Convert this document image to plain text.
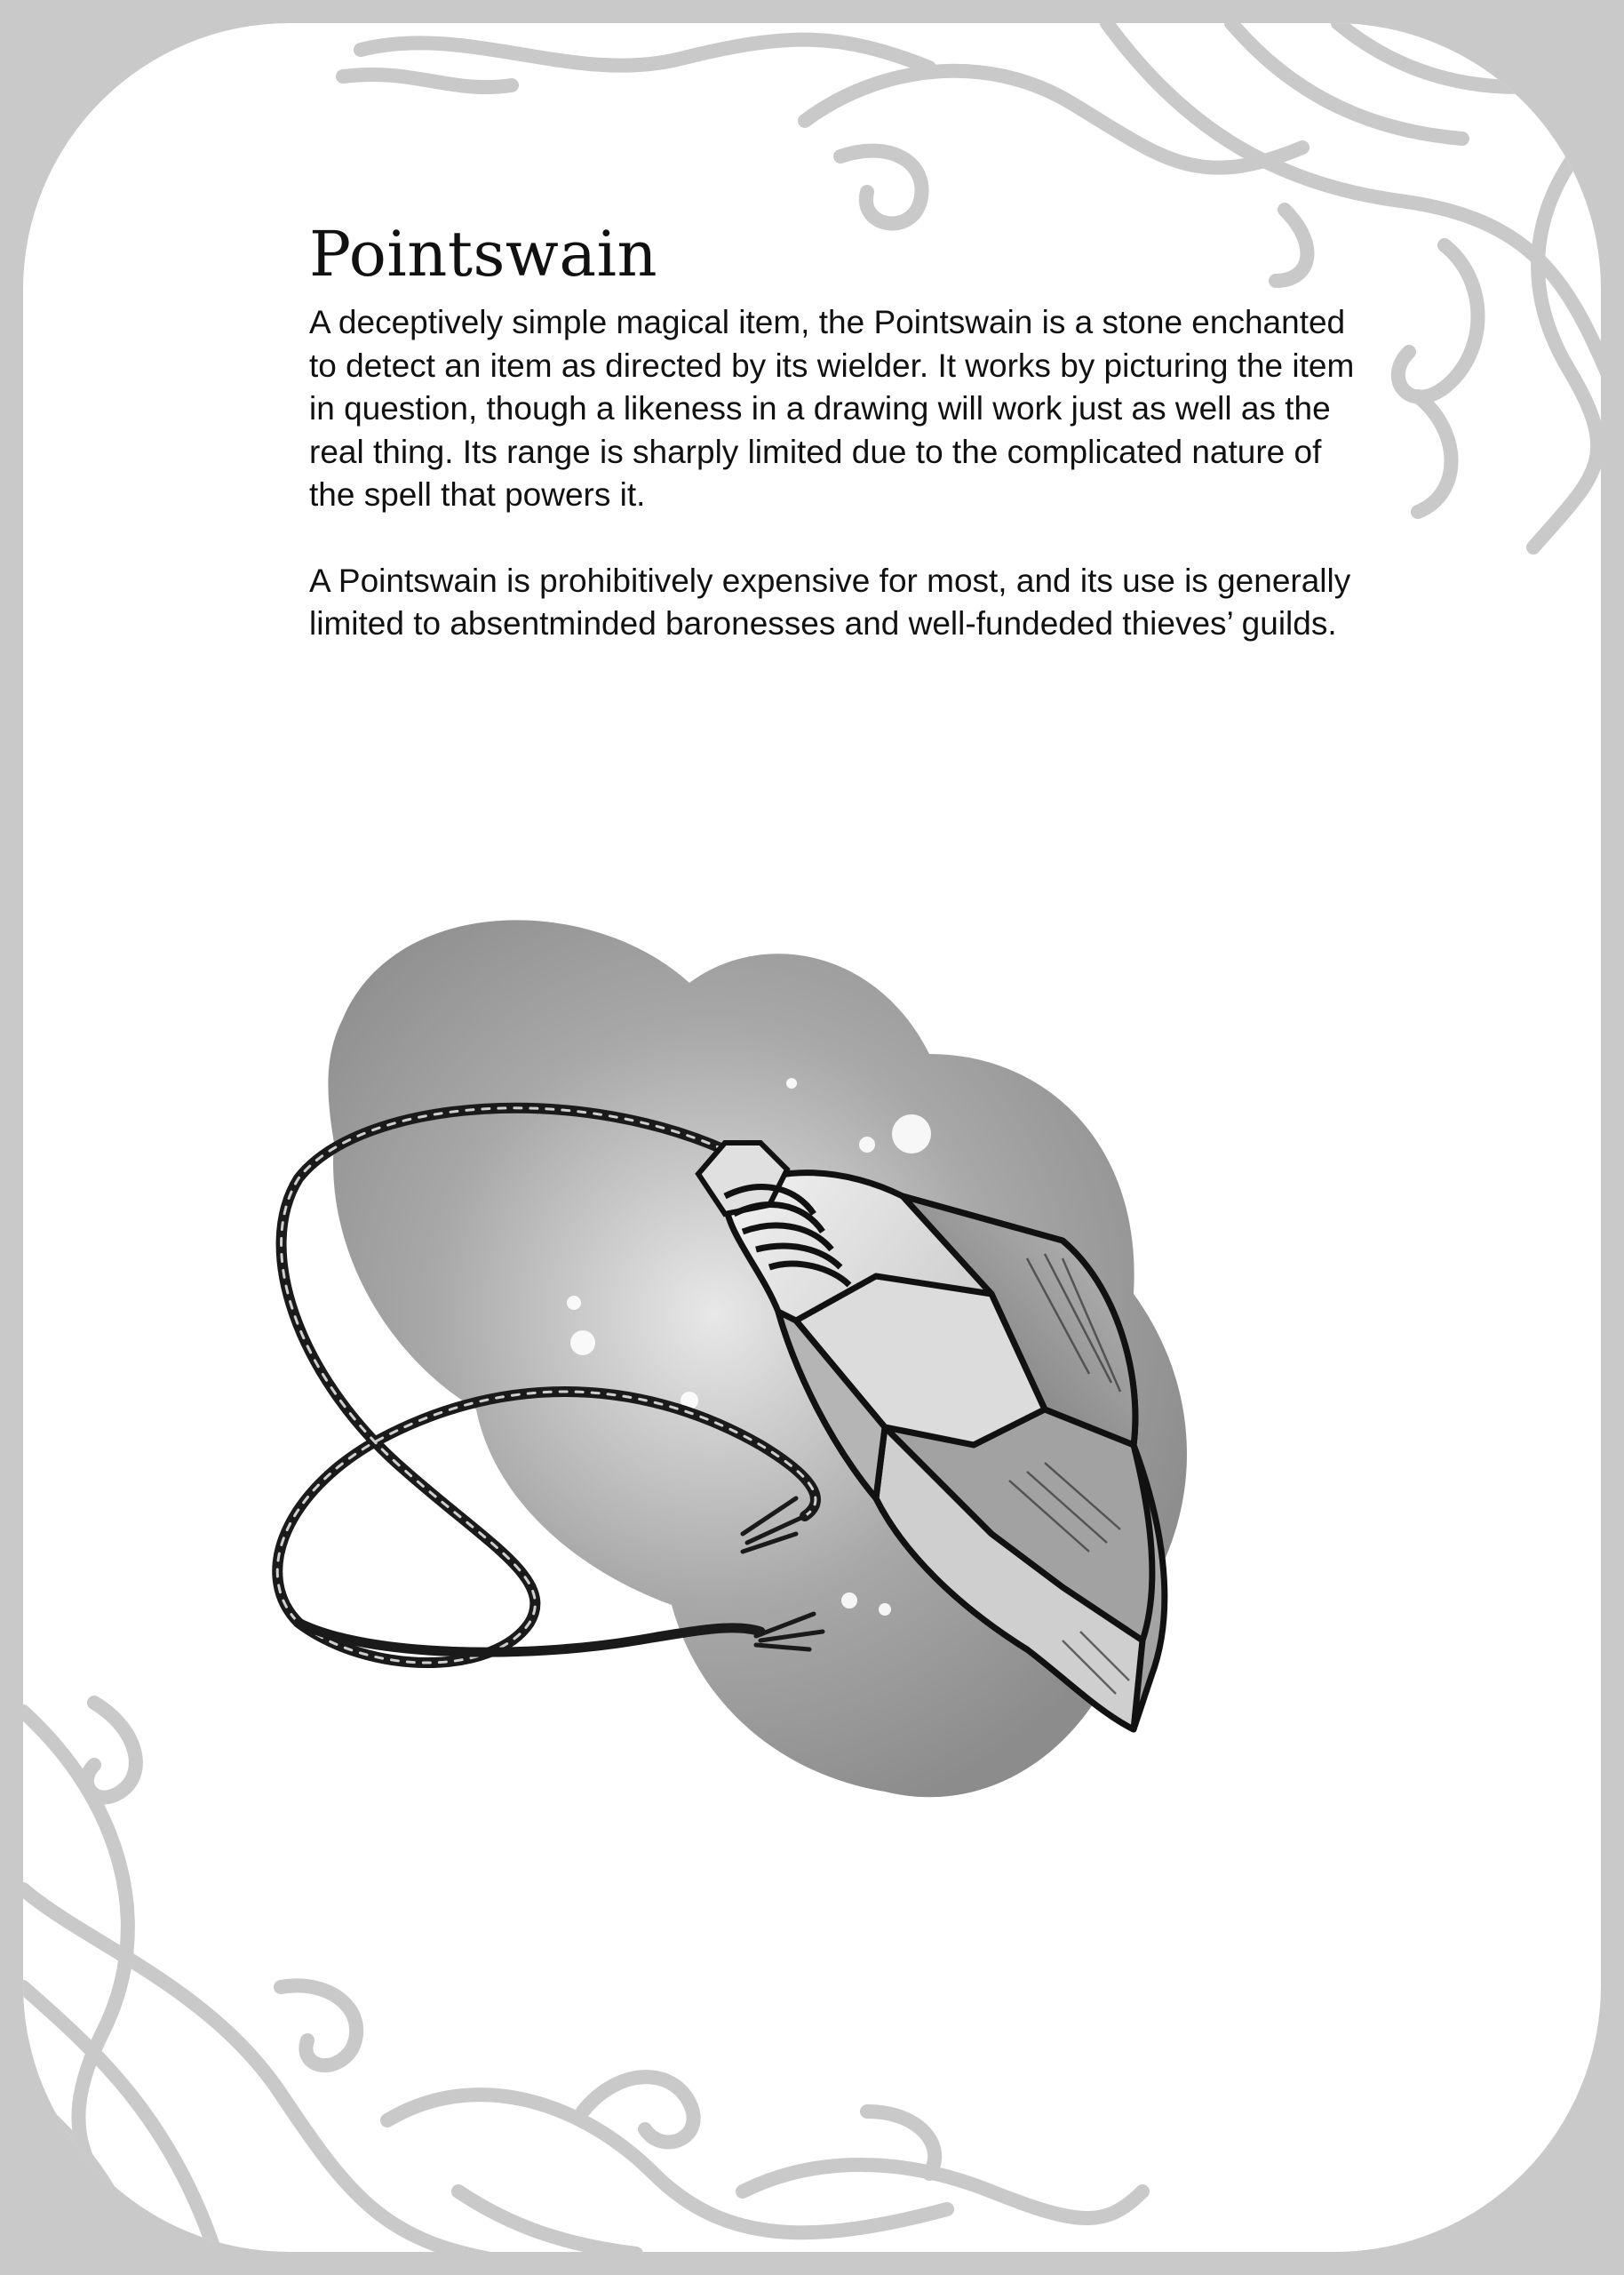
Pointswain

A deceptively simple magical item, the Pointswain is a stone enchanted to detect an item as directed by its wielder. It works by picturing the item in question, though a likeness in a drawing will work just as well as the real thing. Its range is sharply limited due to the complicated nature of the spell that powers it.

A Pointswain is prohibitively expensive for most, and its use is generally limited to absentminded baronesses and well-fundeded thieves’ guilds.
